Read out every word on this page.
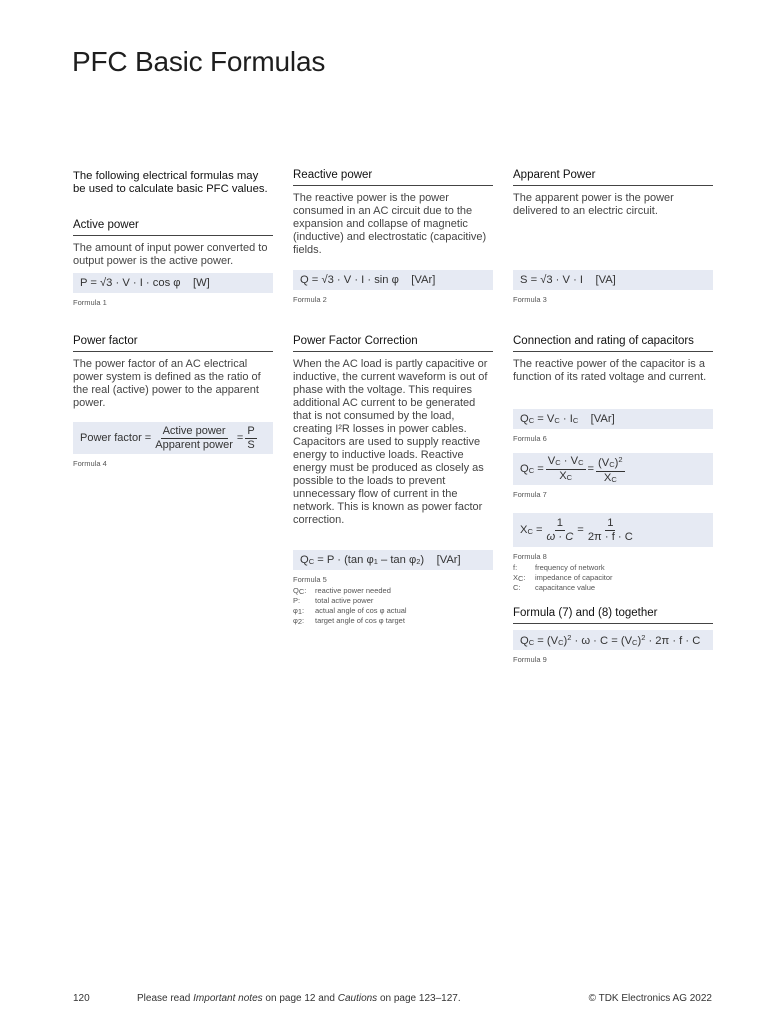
PFC Basic Formulas

The following electrical formulas may be used to calculate basic PFC values.

Active power
The amount of input power converted to output power is the active power.
P = √3 · V · I · cos φ    [W]
Formula 1
Reactive power
The reactive power is the power consumed in an AC circuit due to the expansion and collapse of magnetic (inductive) and electrostatic (capacitive) fields.
Q = √3 · V · I · sin φ    [VAr]
Formula 2
Apparent Power
The apparent power is the power delivered to an electric circuit.
S = √3 · V · I    [VA]
Formula 3
Power factor
The power factor of an AC electrical power system is defined as the ratio of the real (active) power to the apparent power.
Power factor = $\frac{\text{Active power}}{\text{Apparent power}} = \frac{P}{S}$
Formula 4
Power Factor Correction
When the AC load is partly capacitive or inductive, the current waveform is out of phase with the voltage. This requires additional AC current to be generated that is not consumed by the load, creating I²R losses in power cables. Capacitors are used to supply reactive energy to inductive loads. Reactive energy must be produced as closely as possible to the loads to prevent unnecessary flow of current in the network. This is known as power factor correction.
$Q_C = P \cdot (\tan$ $\varphi_1$ – $\tan \varphi_2$)    [VAr]
Formula 5
$Q_C$:	reactive power needed
P:	total active power
$\varphi_1$:	actual angle of cos φ actual
$\varphi_2$:	target angle of cos φ target
Connection and rating of capacitors
The reactive power of the capacitor is a function of its rated voltage and current.
$Q_C = V_C \cdot I_C$    [VAr]
Formula 6
$Q_C = \frac{V_C \cdot V_C}{X_C} = \frac{(V_C)^2}{X_C}$
Formula 7
$X_C = \frac{1}{\omega \cdot C} = \frac{1}{2\pi \cdot f \cdot C}$
Formula 8
f:	frequency of network
$X_C$:	impedance of capacitor
C:	capacitance value
Formula (7) and (8) together
$Q_C = (V_C)^2 \cdot \omega \cdot C = (V_C)^2 \cdot 2\pi \cdot f \cdot C$
Formula 9
120	Please read Important notes on page 12 and Cautions on page 123–127.	© TDK Electronics AG 2022
